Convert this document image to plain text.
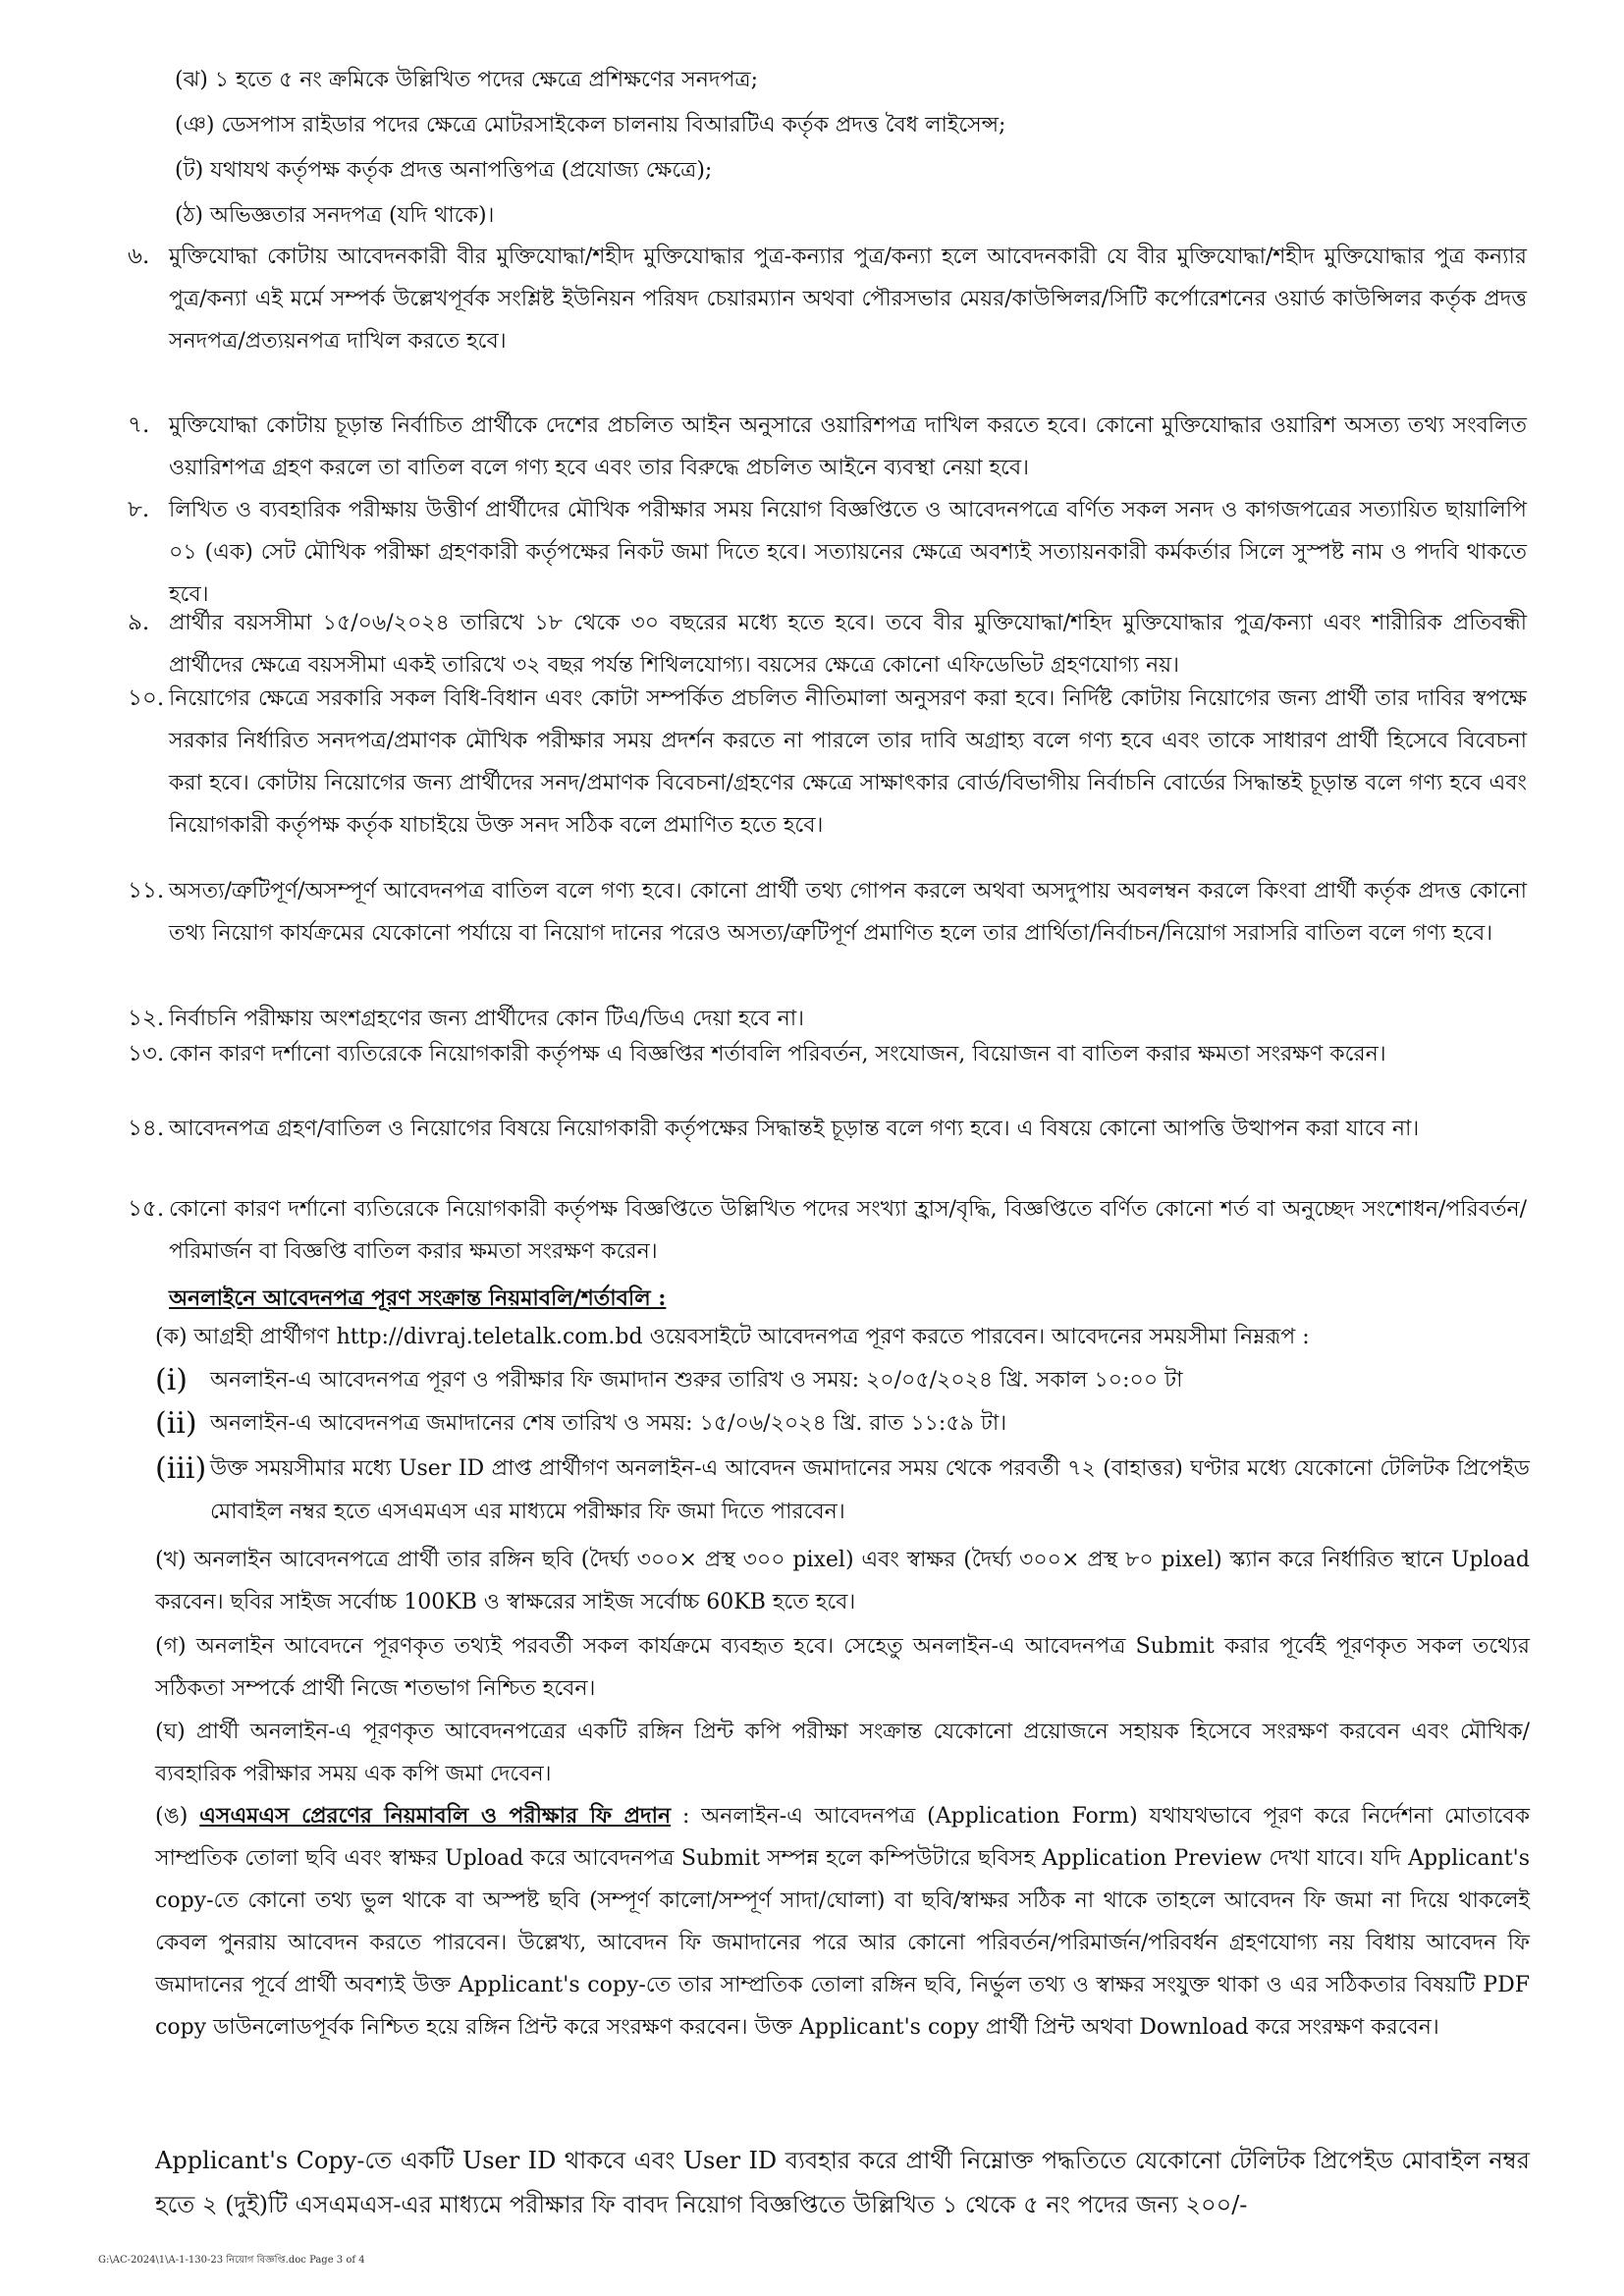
(ঝ) ১ হতে ৫ নং ক্রমিকে উল্লিখিত পদের ক্ষেত্রে প্রশিক্ষণের সনদপত্র;
(ঞ) ডেসপাস রাইডার পদের ক্ষেত্রে মোটরসাইকেল চালনায় বিআরটিএ কর্তৃক প্রদত্ত বৈধ লাইসেন্স;
(ট) যথাযথ কর্তৃপক্ষ কর্তৃক প্রদত্ত অনাপত্তিপত্র (প্রযোজ্য ক্ষেত্রে);
(ঠ) অভিজ্ঞতার সনদপত্র (যদি থাকে)।
৬. মুক্তিযোদ্ধা কোটায় আবেদনকারী বীর মুক্তিযোদ্ধা/শহীদ মুক্তিযোদ্ধার পুত্র-কন্যার পুত্র/কন্যা হলে আবেদনকারী যে বীর মুক্তিযোদ্ধা/শহীদ মুক্তিযোদ্ধার পুত্র কন্যার পুত্র/কন্যা এই মর্মে সম্পর্ক উল্লেখপূর্বক সংশ্লিষ্ট ইউনিয়ন পরিষদ চেয়ারম্যান অথবা পৌরসভার মেয়র/কাউন্সিলর/সিটি কর্পোরেশনের ওয়ার্ড কাউন্সিলর কর্তৃক প্রদত্ত সনদপত্র/প্রত্যয়নপত্র দাখিল করতে হবে।
৭. মুক্তিযোদ্ধা কোটায় চূড়ান্ত নির্বাচিত প্রার্থীকে দেশের প্রচলিত আইন অনুসারে ওয়ারিশপত্র দাখিল করতে হবে। কোনো মুক্তিযোদ্ধার ওয়ারিশ অসত্য তথ্য সংবলিত ওয়ারিশপত্র গ্রহণ করলে তা বাতিল বলে গণ্য হবে এবং তার বিরুদ্ধে প্রচলিত আইনে ব্যবস্থা নেয়া হবে।
৮. লিখিত ও ব্যবহারিক পরীক্ষায় উত্তীর্ণ প্রার্থীদের মৌখিক পরীক্ষার সময় নিয়োগ বিজ্ঞপ্তিতে ও আবেদনপত্রে বর্ণিত সকল সনদ ও কাগজপত্রের সত্যায়িত ছায়ালিপি ০১ (এক) সেট মৌখিক পরীক্ষা গ্রহণকারী কর্তৃপক্ষের নিকট জমা দিতে হবে। সত্যায়নের ক্ষেত্রে অবশ্যই সত্যায়নকারী কর্মকর্তার সিলে সুস্পষ্ট নাম ও পদবি থাকতে হবে।
৯. প্রার্থীর বয়সসীমা ১৫/০৬/২০২৪ তারিখে ১৮ থেকে ৩০ বছরের মধ্যে হতে হবে। তবে বীর মুক্তিযোদ্ধা/শহিদ মুক্তিযোদ্ধার পুত্র/কন্যা এবং শারীরিক প্রতিবন্ধী প্রার্থীদের ক্ষেত্রে বয়সসীমা একই তারিখে ৩২ বছর পর্যন্ত শিথিলযোগ্য। বয়সের ক্ষেত্রে কোনো এফিডেভিট গ্রহণযোগ্য নয়।
১০. নিয়োগের ক্ষেত্রে সরকারি সকল বিধি-বিধান এবং কোটা সম্পর্কিত প্রচলিত নীতিমালা অনুসরণ করা হবে। নির্দিষ্ট কোটায় নিয়োগের জন্য প্রার্থী তার দাবির স্বপক্ষে সরকার নির্ধারিত সনদপত্র/প্রমাণক মৌখিক পরীক্ষার সময় প্রদর্শন করতে না পারলে তার দাবি অগ্রাহ্য বলে গণ্য হবে এবং তাকে সাধারণ প্রার্থী হিসেবে বিবেচনা করা হবে। কোটায় নিয়োগের জন্য প্রার্থীদের সনদ/প্রমাণক বিবেচনা/গ্রহণের ক্ষেত্রে সাক্ষাৎকার বোর্ড/বিভাগীয় নির্বাচনি বোর্ডের সিদ্ধান্তই চূড়ান্ত বলে গণ্য হবে এবং নিয়োগকারী কর্তৃপক্ষ কর্তৃক যাচাইয়ে উক্ত সনদ সঠিক বলে প্রমাণিত হতে হবে।
১১. অসত্য/ত্রুটিপূর্ণ/অসম্পূর্ণ আবেদনপত্র বাতিল বলে গণ্য হবে। কোনো প্রার্থী তথ্য গোপন করলে অথবা অসদুপায় অবলম্বন করলে কিংবা প্রার্থী কর্তৃক প্রদত্ত কোনো তথ্য নিয়োগ কার্যক্রমের যেকোনো পর্যায়ে বা নিয়োগ দানের পরেও অসত্য/ত্রুটিপূর্ণ প্রমাণিত হলে তার প্রার্থিতা/নির্বাচন/নিয়োগ সরাসরি বাতিল বলে গণ্য হবে।
১২. নির্বাচনি পরীক্ষায় অংশগ্রহণের জন্য প্রার্থীদের কোন টিএ/ডিএ দেয়া হবে না।
১৩. কোন কারণ দর্শানো ব্যতিরেকে নিয়োগকারী কর্তৃপক্ষ এ বিজ্ঞপ্তির শর্তাবলি পরিবর্তন, সংযোজন, বিয়োজন বা বাতিল করার ক্ষমতা সংরক্ষণ করেন।
১৪. আবেদনপত্র গ্রহণ/বাতিল ও নিয়োগের বিষয়ে নিয়োগকারী কর্তৃপক্ষের সিদ্ধান্তই চূড়ান্ত বলে গণ্য হবে। এ বিষয়ে কোনো আপত্তি উত্থাপন করা যাবে না।
১৫. কোনো কারণ দর্শানো ব্যতিরেকে নিয়োগকারী কর্তৃপক্ষ বিজ্ঞপ্তিতে উল্লিখিত পদের সংখ্যা হ্রাস/বৃদ্ধি, বিজ্ঞপ্তিতে বর্ণিত কোনো শর্ত বা অনুচ্ছেদ সংশোধন/পরিবর্তন/পরিমার্জন বা বিজ্ঞপ্তি বাতিল করার ক্ষমতা সংরক্ষণ করেন।
অনলাইনে আবেদনপত্র পূরণ সংক্রান্ত নিয়মাবলি/শর্তাবলি :
(ক) আগ্রহী প্রার্থীগণ http://divraj.teletalk.com.bd ওয়েবসাইটে আবেদনপত্র পূরণ করতে পারবেন। আবেদনের সময়সীমা নিম্নরূপ :
(i) অনলাইন-এ আবেদনপত্র পূরণ ও পরীক্ষার ফি জমাদান শুরুর তারিখ ও সময়: ২০/০৫/২০২৪ খ্রি. সকাল ১০:০০ টা
(ii) অনলাইন-এ আবেদনপত্র জমাদানের শেষ তারিখ ও সময়: ১৫/০৬/২০২৪ খ্রি. রাত ১১:৫৯ টা।
(iii) উক্ত সময়সীমার মধ্যে User ID প্রাপ্ত প্রার্থীগণ অনলাইন-এ আবেদন জমাদানের সময় থেকে পরবর্তী ৭২ (বাহাত্তর) ঘণ্টার মধ্যে যেকোনো টেলিটক প্রিপেইড মোবাইল নম্বর হতে এসএমএস এর মাধ্যমে পরীক্ষার ফি জমা দিতে পারবেন।
(খ) অনলাইন আবেদনপত্রে প্রার্থী তার রঙ্গিন ছবি (দৈর্ঘ্য ৩০০× প্রস্থ ৩০০ pixel) এবং স্বাক্ষর (দৈর্ঘ্য ৩০০× প্রস্থ ৮০ pixel) স্ক্যান করে নির্ধারিত স্থানে Upload করবেন। ছবির সাইজ সর্বোচ্চ 100KB ও স্বাক্ষরের সাইজ সর্বোচ্চ 60KB হতে হবে।
(গ) অনলাইন আবেদনে পূরণকৃত তথ্যই পরবর্তী সকল কার্যক্রমে ব্যবহৃত হবে। সেহেতু অনলাইন-এ আবেদনপত্র Submit করার পূর্বেই পূরণকৃত সকল তথ্যের সঠিকতা সম্পর্কে প্রার্থী নিজে শতভাগ নিশ্চিত হবেন।
(ঘ) প্রার্থী অনলাইন-এ পূরণকৃত আবেদনপত্রের একটি রঙ্গিন প্রিন্ট কপি পরীক্ষা সংক্রান্ত যেকোনো প্রয়োজনে সহায়ক হিসেবে সংরক্ষণ করবেন এবং মৌখিক/ব্যবহারিক পরীক্ষার সময় এক কপি জমা দেবেন।
(ঙ) এসএমএস প্রেরণের নিয়মাবলি ও পরীক্ষার ফি প্রদান : অনলাইন-এ আবেদনপত্র (Application Form) যথাযথভাবে পূরণ করে নির্দেশনা মোতাবেক সাম্প্রতিক তোলা ছবি এবং স্বাক্ষর Upload করে আবেদনপত্র Submit সম্পন্ন হলে কম্পিউটারে ছবিসহ Application Preview দেখা যাবে। যদি Applicant's copy-তে কোনো তথ্য ভুল থাকে বা অস্পষ্ট ছবি (সম্পূর্ণ কালো/সম্পূর্ণ সাদা/ঘোলা) বা ছবি/স্বাক্ষর সঠিক না থাকে তাহলে আবেদন ফি জমা না দিয়ে থাকলেই কেবল পুনরায় আবেদন করতে পারবেন। উল্লেখ্য, আবেদন ফি জমাদানের পরে আর কোনো পরিবর্তন/পরিমার্জন/পরিবর্ধন গ্রহণযোগ্য নয় বিধায় আবেদন ফি জমাদানের পূর্বে প্রার্থী অবশ্যই উক্ত Applicant's copy-তে তার সাম্প্রতিক তোলা রঙ্গিন ছবি, নির্ভুল তথ্য ও স্বাক্ষর সংযুক্ত থাকা ও এর সঠিকতার বিষয়টি PDF copy ডাউনলোডপূর্বক নিশ্চিত হয়ে রঙ্গিন প্রিন্ট করে সংরক্ষণ করবেন। উক্ত Applicant's copy প্রার্থী প্রিন্ট অথবা Download করে সংরক্ষণ করবেন।
Applicant's Copy-তে একটি User ID থাকবে এবং User ID ব্যবহার করে প্রার্থী নিম্নোক্ত পদ্ধতিতে যেকোনো টেলিটক প্রিপেইড মোবাইল নম্বর হতে ২ (দুই)টি এসএমএস-এর মাধ্যমে পরীক্ষার ফি বাবদ নিয়োগ বিজ্ঞপ্তিতে উল্লিখিত ১ থেকে ৫ নং পদের জন্য ২০০/-
G:\AC-2024\1\A-1-130-23 নিয়োগ বিজ্ঞপ্তি.doc Page 3 of 4
